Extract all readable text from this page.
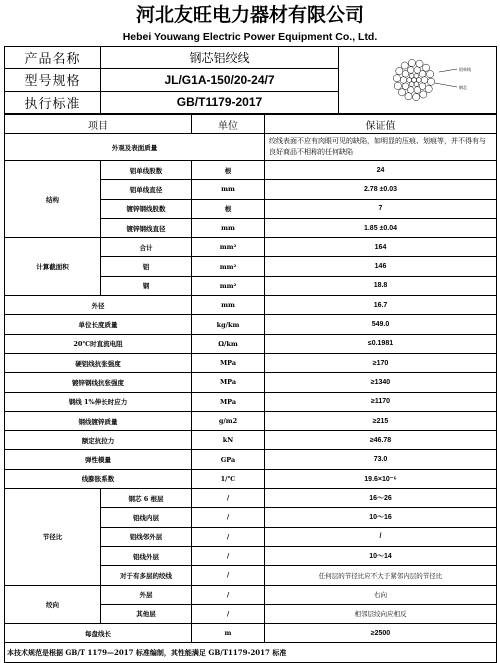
河北友旺电力器材有限公司
Hebei Youwang Electric Power Equipment Co., Ltd.
产品名称	钢芯铝绞线	铝单线
钢芯

型号规格	JL/G1A-150/20-24/7	
执行标准	GB/T1179-2017	
项目		单位	保证值
外观及表面质量			绞线表面不应有肉眼可见的缺陷，如明显的压痕、划痕等，并不得有与良好商品不相称的任何缺陷
结构	铝单线股数	根	24
	铝单线直径	mm	2.78 ±0.03
	镀锌钢线股数	根	7
	镀锌钢线直径	mm	1.85 ±0.04
计算截面积	合计	mm²	164
	铝	mm²	146
	钢	mm²	18.8
外径		mm	16.7
单位长度质量		kg/km	549.0
20℃时直流电阻		Ω/km	≤0.1981
硬铝线抗张强度		MPa	≥170
镀锌钢线抗张强度		MPa	≥1340
钢线 1%伸长时应力		MPa	≥1170
钢线镀锌质量		g/m2	≥215
额定抗拉力		kN	≥46.78
弹性模量		GPa	73.0
线膨胀系数		1/℃	19.6×10⁻⁶
节径比	钢芯 6 根层	/	16～26
	铝线内层	/	10～16
	铝线邻外层	/	/
	铝线外层	/	10～14
	对于有多层的绞线	/	任何层的节径比应不大于紧邻内层的节径比
绞向	外层	/	右向
	其他层	/	相邻层绞向应相反
每盘线长		m	≥2500
本技术规范是根据 GB/T 1179—2017 标准编制，其性能满足 GB/T1179-2017 标准			
